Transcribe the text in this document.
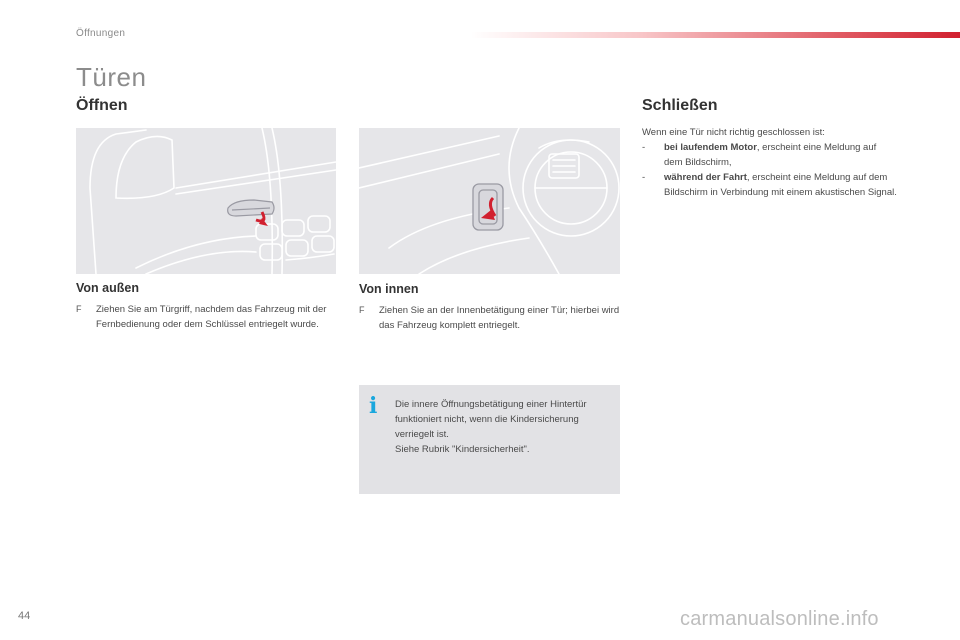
Öffnungen
Türen
Öffnen
Von außen
F	Ziehen Sie am Türgriff, nachdem das Fahrzeug mit der Fernbedienung oder dem Schlüssel entriegelt wurde.
Von innen
F	Ziehen Sie an der Innenbetätigung einer Tür; hierbei wird das Fahrzeug komplett entriegelt.
i	Die innere Öffnungsbetätigung einer Hintertür funktioniert nicht, wenn die Kindersicherung verriegelt ist.
Siehe Rubrik "Kindersicherheit".
Schließen
Wenn eine Tür nicht richtig geschlossen ist:
-	bei laufendem Motor, erscheint eine Meldung auf dem Bildschirm,
-	während der Fahrt, erscheint eine Meldung auf dem Bildschirm in Verbindung mit einem akustischen Signal.
44	carmanualsonline.info
